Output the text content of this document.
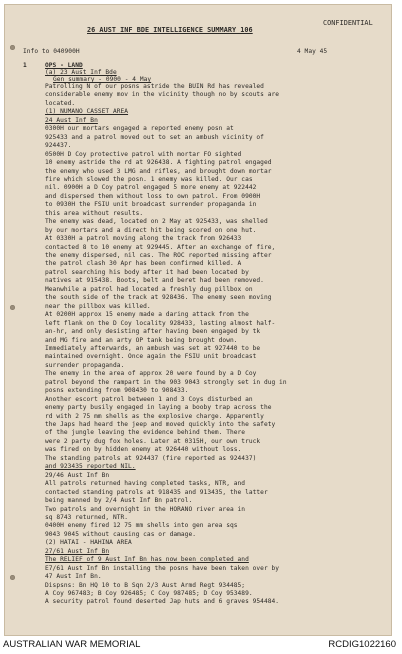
CONFIDENTIAL
26 AUST INF BDE INTELLIGENCE SUMMARY 106
Info to 040900H	4 May 45
1	OPS - LAND
(a) 23 Aust Inf Bde
Gen summary - 0900 - 4 May
Patrolling N of our posns astride the BUIN Rd has revealed
considerable enemy mov in the vicinity though no by scouts are
located.
(1) NUMANO CASSET AREA
24 Aust Inf Bn
0300H our mortars engaged a reported enemy posn at
925433 and a patrol moved out to set an ambush vicinity of
924437.
0500H D Coy protective patrol with mortar FO sighted
10 enemy astride the rd at 926438. A fighting patrol engaged
the enemy who used 3 LMG and rifles, and brought down mortar
fire which slowed the posn. 1 enemy was killed. Our cas
nil. 0900H a D Coy patrol engaged 5 more enemy at 922442
and dispersed them without loss to own patrol. From 0900H
to 0930H the FSIU unit broadcast surrender propaganda in
this area without results.
The enemy was dead, located on 2 May at 925433, was shelled
by our mortars and a direct hit being scored on one hut.
At 0330H a patrol moving along the track from 926433
contacted 8 to 10 enemy at 929445. After an exchange of fire,
the enemy dispersed, nil cas. The ROC reported missing after
the patrol clash 30 Apr has been confirmed killed. A
patrol searching his body after it had been located by
natives at 915438. Boots, belt and beret had been removed.
Meanwhile a patrol had located a freshly dug pillbox on
the south side of the track at 928436. The enemy seen moving
near the pillbox was killed.
At 0200H approx 15 enemy made a daring attack from the
left flank on the D Coy locality 928433, lasting almost half-
an-hr, and only desisting after having been engaged by tk
and MG fire and an arty OP tank being brought down.
Immediately afterwards, an ambush was set at 927440 to be
maintained overnight. Once again the FSIU unit broadcast
surrender propaganda.
The enemy in the area of approx 20 were found by a D Coy
patrol beyond the rampart in the 903 9043 strongly set in dug in
posns extending from 908430 to 908433.
Another escort patrol between 1 and 3 Coys disturbed an
enemy party busily engaged in laying a booby trap across the
rd with 2 75 mm shells as the explosive charge. Apparently
the Japs had heard the jeep and moved quickly into the safety
of the jungle leaving the evidence behind them. There
were 2 party dug fox holes. Later at 0315H, our own truck
was fired on by hidden enemy at 926440 without loss.
The standing patrols at 924437 (fire reported as 924437)
and 923435 reported NIL.
29/46 Aust Inf Bn
All patrols returned having completed tasks, NTR, and
contacted standing patrols at 918435 and 913435, the latter
being manned by 2/4 Aust Inf Bn patrol.
Two patrols and overnight in the HORANO river area in
sq 8743 returned, NTR.
0400H enemy fired 12 75 mm shells into gen area sqs
9043 9045 without causing cas or damage.
(2) HATAI - HAHINA AREA
27/61 Aust Inf Bn
The RELIEF of 9 Aust Inf Bn has now been completed and
E7/61 Aust Inf Bn installing the posns have been taken over by
47 Aust Inf Bn.
Dispsns: Bn HQ 10 to B Sqn 2/3 Aust Armd Regt 934485;
A Coy 967483; B Coy 926485; C Coy 987485; D Coy 953489.
A security patrol found deserted Jap huts and 6 graves 954484.
AUSTRALIAN WAR MEMORIAL	RCDIG1022160
